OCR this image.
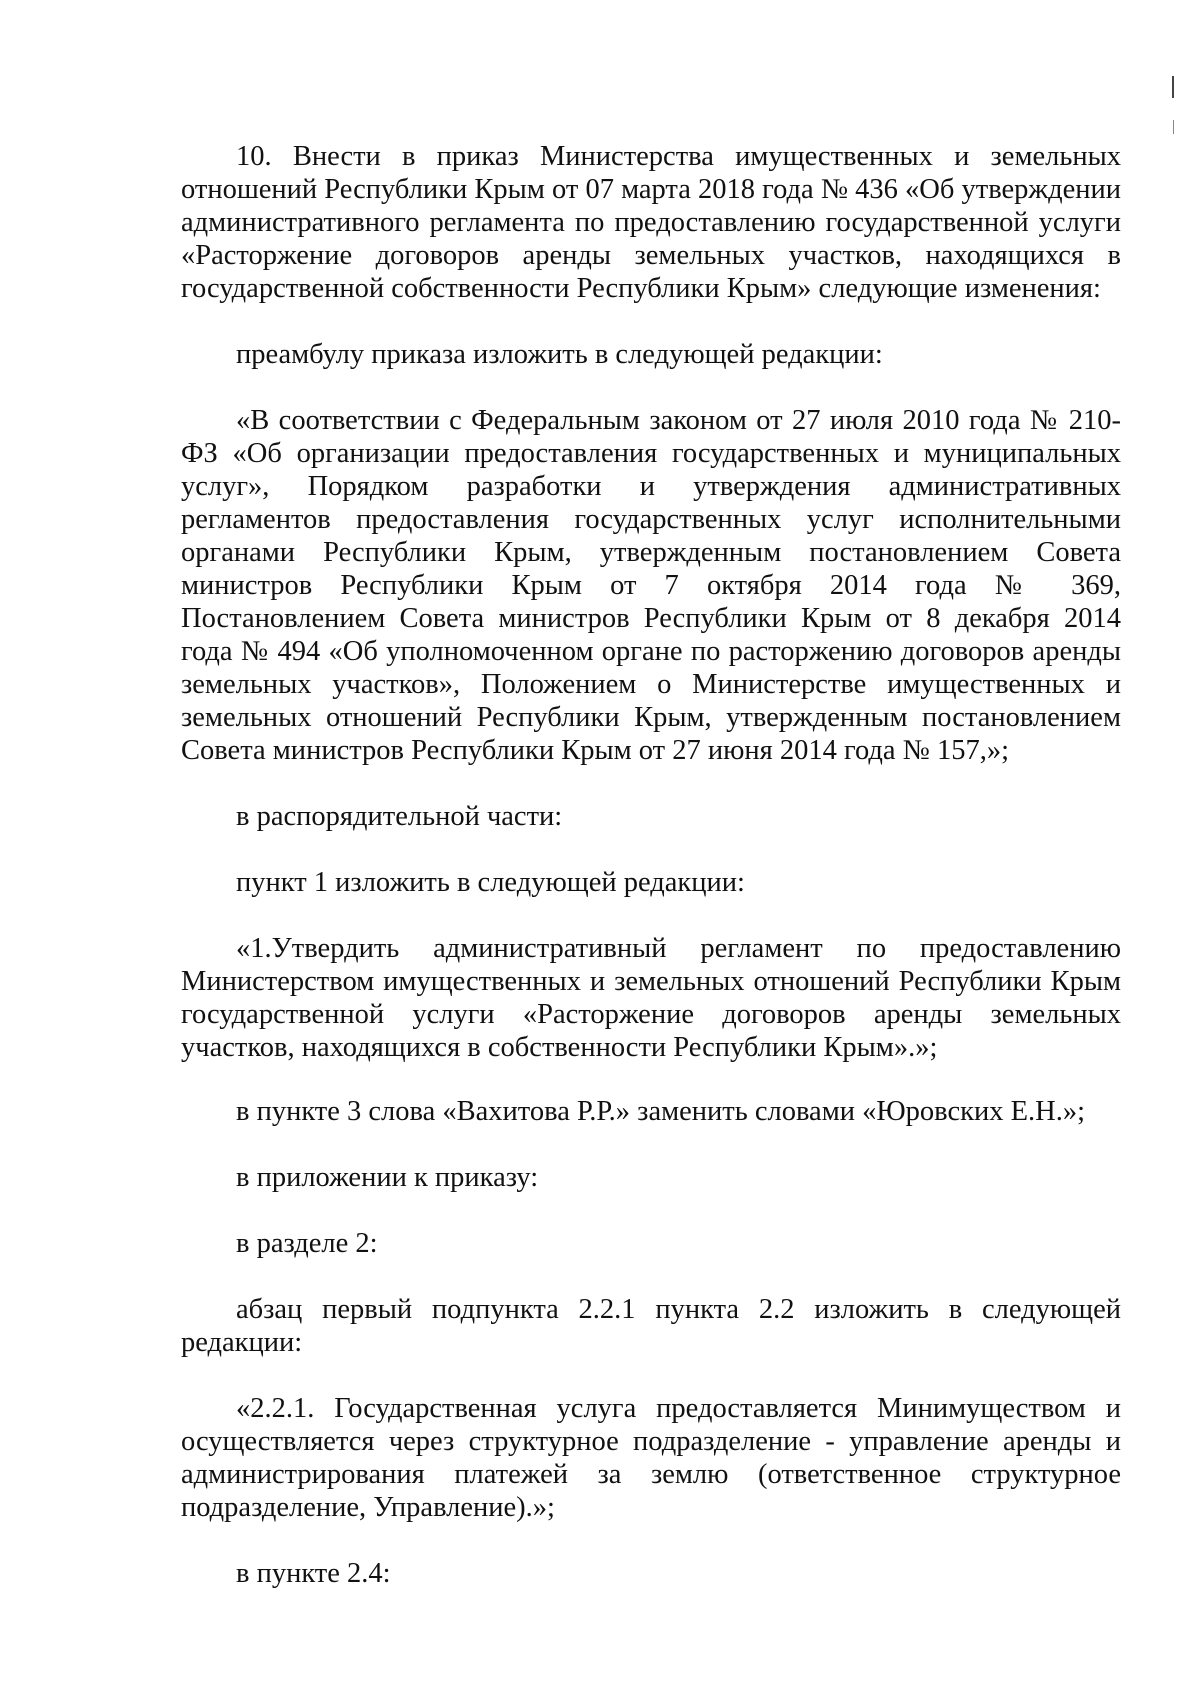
10. Внести в приказ Министерства имущественных и земельных отношений Республики Крым от 07 марта 2018 года № 436 «Об утверждении административного регламента по предоставлению государственной услуги «Расторжение договоров аренды земельных участков, находящихся в государственной собственности Республики Крым» следующие изменения:

преамбулу приказа изложить в следующей редакции:

«В соответствии с Федеральным законом от 27 июля 2010 года № 210-ФЗ «Об организации предоставления государственных и муниципальных услуг», Порядком разработки и утверждения административных регламентов предоставления государственных услуг исполнительными органами Республики Крым, утвержденным постановлением Совета министров Республики Крым от 7 октября 2014 года № 369, Постановлением Совета министров Республики Крым от 8 декабря 2014 года № 494 «Об уполномоченном органе по расторжению договоров аренды земельных участков», Положением о Министерстве имущественных и земельных отношений Республики Крым, утвержденным постановлением Совета министров Республики Крым от 27 июня 2014 года № 157,»;

в распорядительной части:

пункт 1 изложить в следующей редакции:

«1.Утвердить административный регламент по предоставлению Министерством имущественных и земельных отношений Республики Крым государственной услуги «Расторжение договоров аренды земельных участков, находящихся в собственности Республики Крым».»;

в пункте 3 слова «Вахитова Р.Р.» заменить словами «Юровских Е.Н.»;

в приложении к приказу:

в разделе 2:

абзац первый подпункта 2.2.1 пункта 2.2 изложить в следующей редакции:

«2.2.1. Государственная услуга предоставляется Минимуществом и осуществляется через структурное подразделение - управление аренды и администрирования платежей за землю (ответственное структурное подразделение, Управление).»;

в пункте 2.4:
